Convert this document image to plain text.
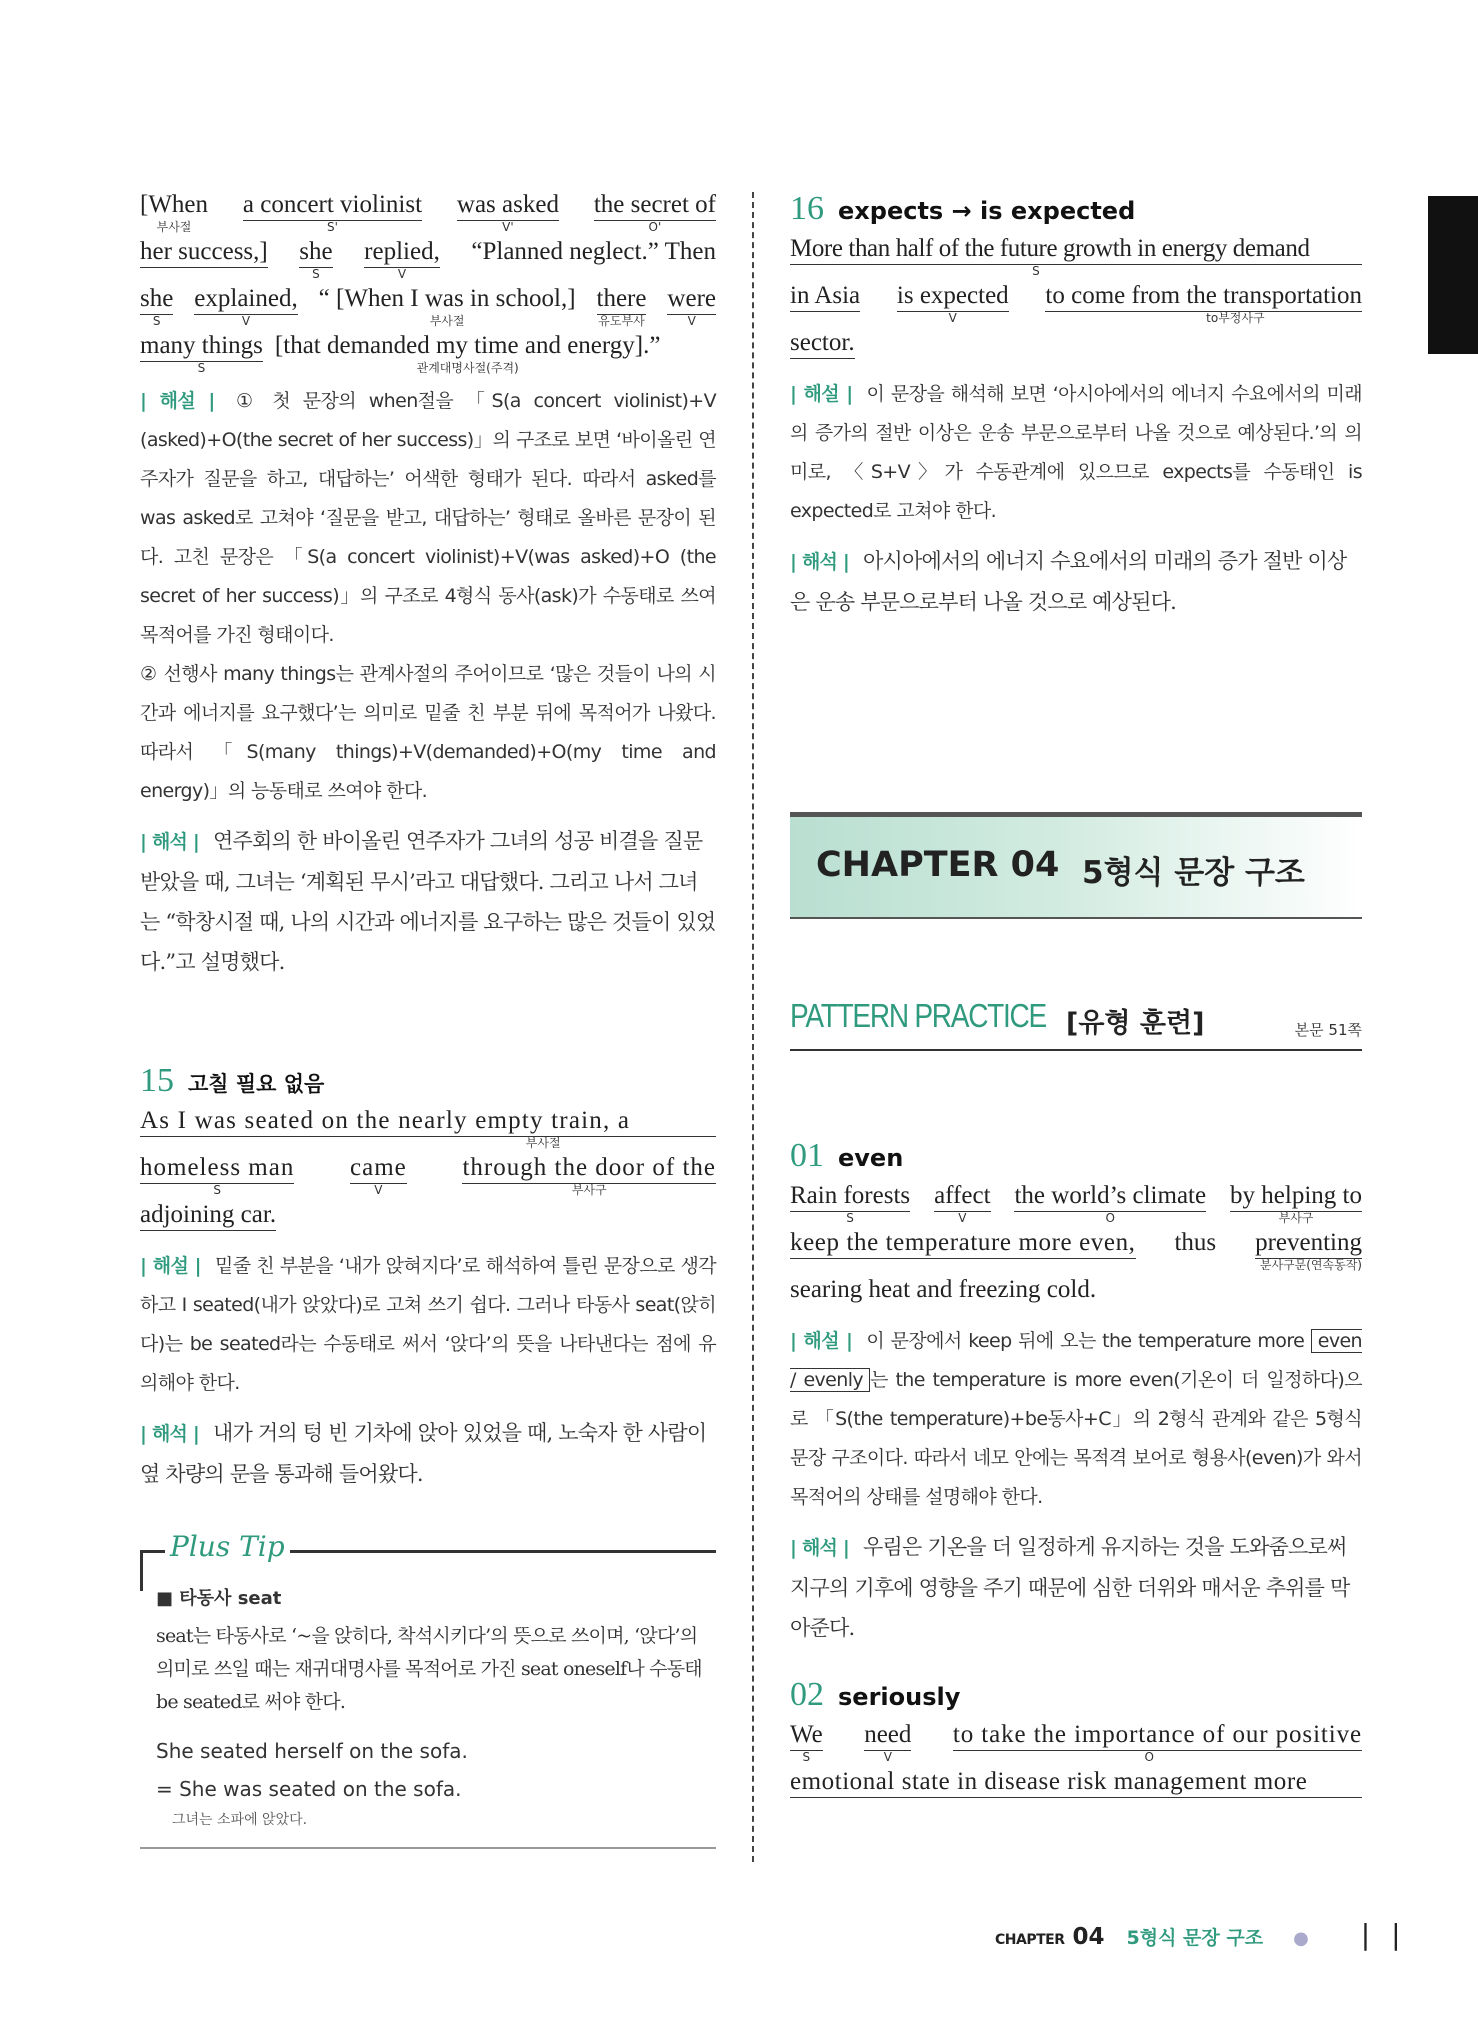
[When
부사절
a concert violinist
S'
was asked
V'
the secret of
O'
her success,] she
S
replied,
V
“Planned neglect.” Then
she
S
explained,
V
“ [When I was in school,]
부사절
there
유도부사
were
V
many things
S
[that demanded my time and energy].”
관계대명사절(주격)
| 해설 | ① 첫 문장의 when절을 「S(a concert violinist)+V (asked)+O(the secret of her success)」의 구조로 보면 ‘바이올린 연주자가 질문을 하고, 대답하는’ 어색한 형태가 된다. 따라서 asked를 was asked로 고쳐야 ‘질문을 받고, 대답하는’ 형태로 올바른 문장이 된다. 고친 문장은 「S(a concert violinist)+V(was asked)+O (the secret of her success)」의 구조로 4형식 동사(ask)가 수동태로 쓰여 목적어를 가진 형태이다.
② 선행사 many things는 관계사절의 주어이므로 ‘많은 것들이 나의 시간과 에너지를 요구했다’는 의미로 밑줄 친 부분 뒤에 목적어가 나왔다. 따라서 「S(many things)+V(demanded)+O(my time and energy)」의 능동태로 쓰여야 한다.
| 해석 | 연주회의 한 바이올린 연주자가 그녀의 성공 비결을 질문받았을 때, 그녀는 ‘계획된 무시’라고 대답했다. 그리고 나서 그녀는 “학창시절 때, 나의 시간과 에너지를 요구하는 많은 것들이 있었다.”고 설명했다.
15 고칠 필요 없음
As I was seated on the nearly empty train, a
부사절
homeless man
S
came
V
through the door of the
부사구
adjoining car.
| 해설 | 밑줄 친 부분을 ‘내가 앉혀지다’로 해석하여 틀린 문장으로 생각하고 I seated(내가 앉았다)로 고쳐 쓰기 쉽다. 그러나 타동사 seat(앉히다)는 be seated라는 수동태로 써서 ‘앉다’의 뜻을 나타낸다는 점에 유의해야 한다.
| 해석 | 내가 거의 텅 빈 기차에 앉아 있었을 때, 노숙자 한 사람이 옆 차량의 문을 통과해 들어왔다.
Plus Tip
■ 타동사 seat
seat는 타동사로 ‘~을 앉히다, 착석시키다’의 뜻으로 쓰이며, ‘앉다’의 의미로 쓰일 때는 재귀대명사를 목적어로 가진 seat oneself나 수동태 be seated로 써야 한다.
She seated herself on the sofa.
= She was seated on the sofa.
그녀는 소파에 앉았다.
16 expects → is expected
More than half of the future growth in energy demand
S
in Asia is expected
V
to come from the transportation
to부정사구
sector.
| 해설 | 이 문장을 해석해 보면 ‘아시아에서의 에너지 수요에서의 미래의 증가의 절반 이상은 운송 부문으로부터 나올 것으로 예상된다.’의 의미로, 〈S+V〉가 수동관계에 있으므로 expects를 수동태인 is expected로 고쳐야 한다.
| 해석 | 아시아에서의 에너지 수요에서의 미래의 증가 절반 이상은 운송 부문으로부터 나올 것으로 예상된다.
CHAPTER 04 5형식 문장 구조
PATTERN PRACTICE [유형 훈련]	본문 51쪽
01 even
Rain forests
S
affect
V
the world’s climate
O
by helping to
부사구
keep the temperature more even, thus preventing
분사구문(연속동작)
searing heat and freezing cold.
| 해설 | 이 문장에서 keep 뒤에 오는 the temperature more even / evenly 는 the temperature is more even(기온이 더 일정하다)으로 「S(the temperature)+be동사+C」의 2형식 관계와 같은 5형식 문장 구조이다. 따라서 네모 안에는 목적격 보어로 형용사(even)가 와서 목적어의 상태를 설명해야 한다.
| 해석 | 우림은 기온을 더 일정하게 유지하는 것을 도와줌으로써 지구의 기후에 영향을 주기 때문에 심한 더위와 매서운 추위를 막아준다.
02 seriously
We
S
need
V
to take the importance of our positive
O
emotional state in disease risk management more
CHAPTER 04 5형식 문장 구조 ● | |
